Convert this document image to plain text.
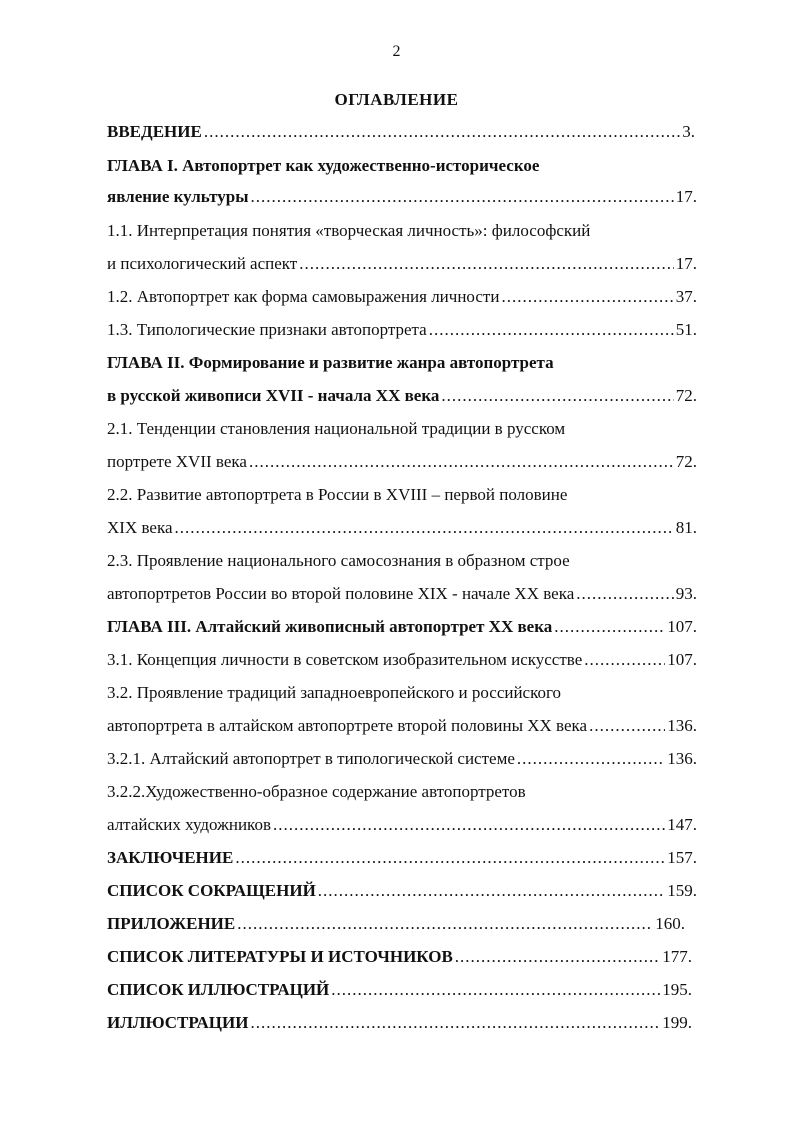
2
ОГЛАВЛЕНИЕ
ВВЕДЕНИЕ .....	3.
ГЛАВА I. Автопортрет как художественно-историческое
явление культуры .....	17.
1.1. Интерпретация понятия «творческая личность»: философский
и психологический аспект .....	17.
1.2. Автопортрет как форма самовыражения личности .....	37.
1.3. Типологические признаки автопортрета .....	51.
ГЛАВА II. Формирование и развитие жанра автопортрета
в русской живописи XVII - начала XX века .....	72.
2.1. Тенденции становления национальной традиции в русском
портрете XVII века .....	72.
2.2. Развитие автопортрета в России в XVIII – первой половине
XIX века .....	81.
2.3. Проявление национального самосознания в образном строе
автопортретов России во второй половине XIX - начале XX века .....	93.
ГЛАВА III. Алтайский живописный автопортрет XX века .....	107.
3.1. Концепция личности в советском изобразительном искусстве .....	107.
3.2. Проявление традиций западноевропейского и российского
автопортрета в алтайском автопортрете второй половины XX века .....	136.
3.2.1. Алтайский автопортрет в типологической системе .....	136.
3.2.2.Художественно-образное содержание автопортретов
алтайских художников .....	147.
ЗАКЛЮЧЕНИЕ .....	157.
СПИСОК СОКРАЩЕНИЙ .....	159.
ПРИЛОЖЕНИЕ .....	160.
СПИСОК ЛИТЕРАТУРЫ И ИСТОЧНИКОВ .....	177.
СПИСОК ИЛЛЮСТРАЦИЙ .....	195.
ИЛЛЮСТРАЦИИ .....	199.
